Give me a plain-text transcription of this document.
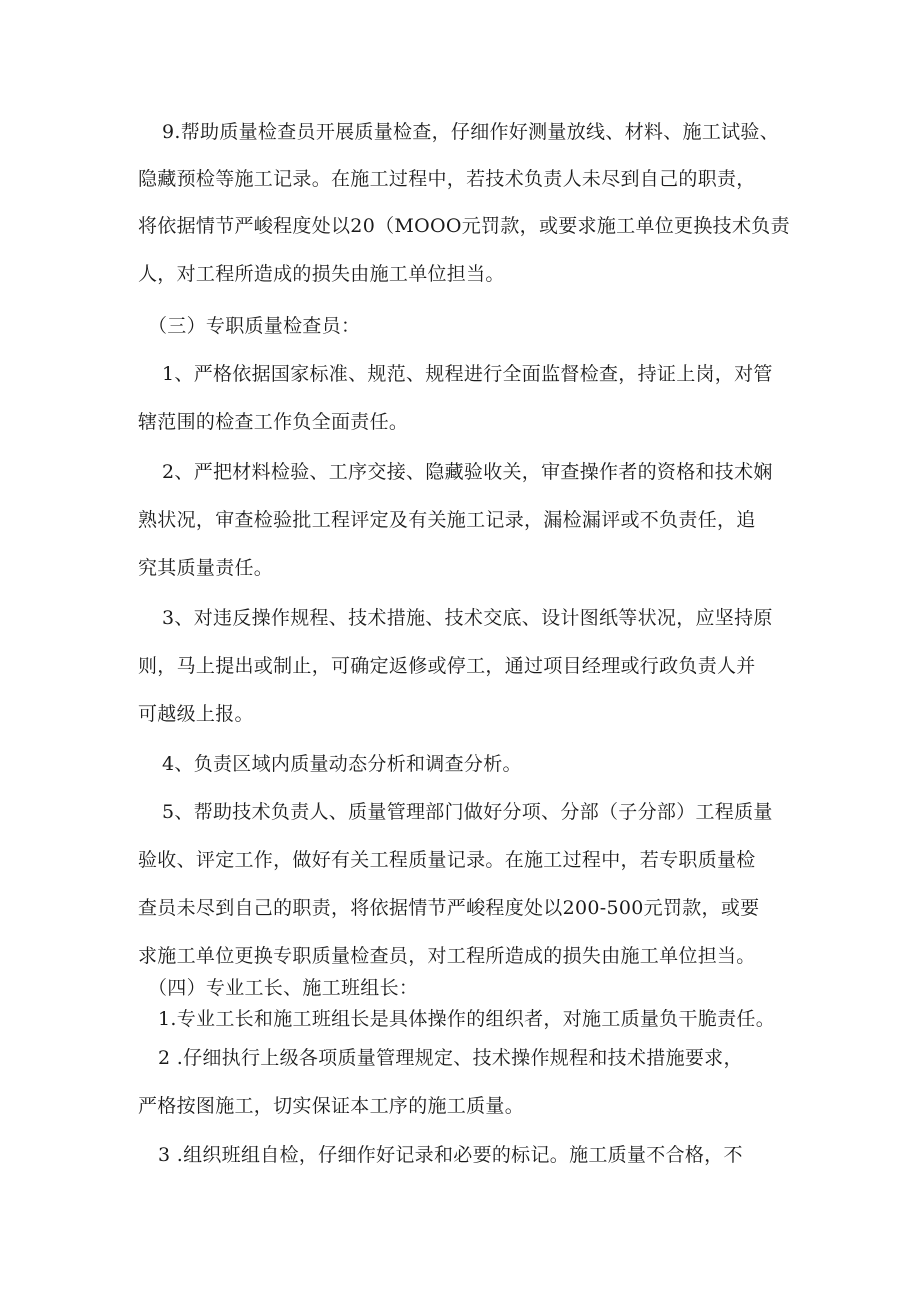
9.帮助质量检查员开展质量检查，仔细作好测量放线、材料、施工试验、
隐藏预检等施工记录。在施工过程中，若技术负责人未尽到自己的职责，
将依据情节严峻程度处以20（MOOO元罚款，或要求施工单位更换技术负责
人，对工程所造成的损失由施工单位担当。
（三）专职质量检查员：
1、严格依据国家标准、规范、规程进行全面监督检查，持证上岗，对管
辖范围的检查工作负全面责任。
2、严把材料检验、工序交接、隐藏验收关，审查操作者的资格和技术娴
熟状况，审查检验批工程评定及有关施工记录，漏检漏评或不负责任，追
究其质量责任。
3、对违反操作规程、技术措施、技术交底、设计图纸等状况，应坚持原
则，马上提出或制止，可确定返修或停工，通过项目经理或行政负责人并
可越级上报。
4、负责区域内质量动态分析和调查分析。
5、帮助技术负责人、质量管理部门做好分项、分部（子分部）工程质量
验收、评定工作，做好有关工程质量记录。在施工过程中，若专职质量检
查员未尽到自己的职责，将依据情节严峻程度处以200-500元罚款，或要
求施工单位更换专职质量检查员，对工程所造成的损失由施工单位担当。
（四）专业工长、施工班组长：
1.专业工长和施工班组长是具体操作的组织者，对施工质量负干脆责任。
2 .仔细执行上级各项质量管理规定、技术操作规程和技术措施要求，
严格按图施工，切实保证本工序的施工质量。
3 .组织班组自检，仔细作好记录和必要的标记。施工质量不合格，不
